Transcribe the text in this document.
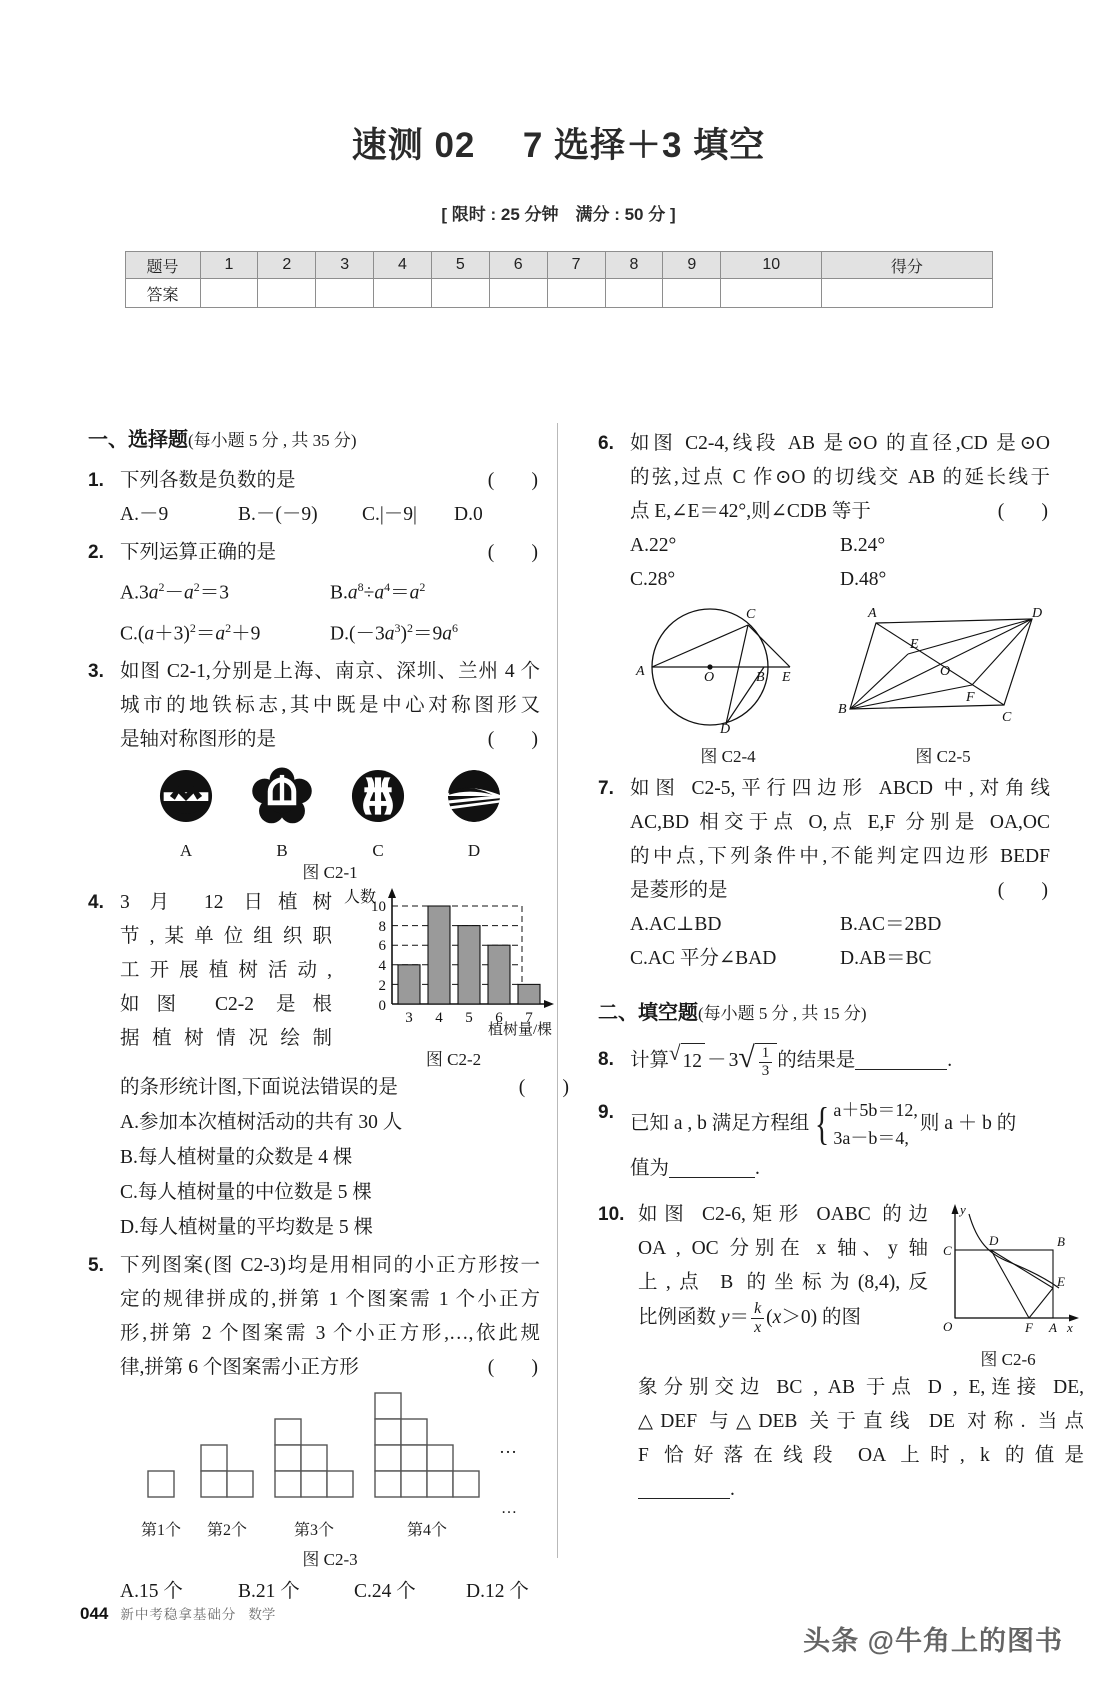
速测 02 7 选择＋3 填空
[ 限时 : 25 分钟　满分 : 50 分 ]
题号	1	2	3	4	5	6	7	8	9	10	得分
答案											
一、选择题(每小题 5 分 , 共 35 分)
1. 下列各数是负数的是	( 　 )
A.－9	B.－(－9)	C.|－9|	D.0
2. 下列运算正确的是	( 　 )
$A.3a^2-a^2=3$	$B.a^8\div a^4=a^2$
$C.(a+3)^2=a^2+9$	$D.(-3a^3)^2=9a^6$
3. 如图 C2-1,分别是上海、南京、深圳、兰州 4 个
城市的地铁标志,其中既是中心对称图形又
是轴对称图形的是	( 　 )
A	B	C	D
图 C2-1
4. 3 月 12 日植树
节,某单位组织职
工开展植树活动,
如图 C2-2 是根
据植树情况绘制
人数
0
2
4
6
8
10
3 4 5 6 7
植树量/棵
图 C2-2
的条形统计图,下面说法错误的是	( 　 )
A.参加本次植树活动的共有 30 人
B.每人植树量的众数是 4 棵
C.每人植树量的中位数是 5 棵
D.每人植树量的平均数是 5 棵
5. 下列图案(图 C2-3)均是用相同的小正方形按一
定的规律拼成的,拼第 1 个图案需 1 个小正方
形,拼第 2 个图案需 3 个小正方形,…,依此规
律,拼第 6 个图案需小正方形	( 　 )
第1个	第2个	第3个	第4个
…
…
图 C2-3
A.15 个	B.21 个	C.24 个	D.12 个
6. 如图 C2-4,线段 AB 是⊙O 的直径,CD 是⊙O
的弦,过点 C 作⊙O 的切线交 AB 的延长线于
点 E,∠E＝42°,则∠CDB 等于	( 　 )
A.22°	B.24°
C.28°	D.48°
A
C
O	B E
D
图 C2-4
A	D
B
C
E
O
F
图 C2-5
7. 如图 C2-5,平行四边形 ABCD 中,对角线
AC,BD 相交于点 O,点 E,F 分别是 OA,OC
的中点,下列条件中,不能判定四边形 BEDF
是菱形的是	( 　 )
A.AC⊥BD	B.AC＝2BD
C.AC 平分∠BAD	D.AB＝BC
二、填空题(每小题 5 分 , 共 15 分)
8. 计算 √ 12 － 3 √ $\frac{1}{3}$ 的结果是	.
9.
已知 a , b 满足方程组 { a＋5b＝12,
3a－b＝4,
则 a ＋ b 的
值为	.
10. 如图 C2-6,矩形 OABC 的边
OA , OC 分别在 x 轴、y 轴
上,点 B 的坐标为(8,4),反
比例函数 $y= \frac{k}{x} (x>0)$ 的图
y
C
D	B
E
O	F A x
图 C2-6
象分别交边 BC , AB 于点 D , E,连接 DE,
△DEF 与△DEB 关于直线 DE 对称. 当点
F 恰好落在线段 OA 上时, k 的值是
.
044 新中考稳拿基础分 数学
头条 @牛角上的图书
